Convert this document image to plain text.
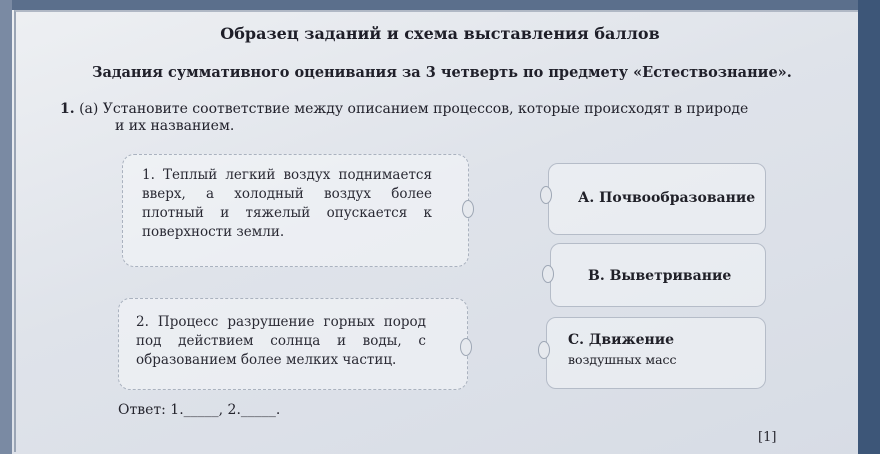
Образец заданий и схема выставления баллов
Задания суммативного оценивания за 3 четверть по предмету «Естествознание».
1. (а) Установите соответствие между описанием процессов, которые происходят в природе
и их названием.
1. Теплый легкий воздух поднимается вверх, а холодный воздух более плотный и тяжелый опускается к поверхности земли.
2. Процесс разрушение горных пород под действием солнца и воды, с образованием более мелких частиц.
А. Почвообразование
В. Выветривание
С. Движение
воздушных масс
Ответ: 1._____, 2._____.
[1]
